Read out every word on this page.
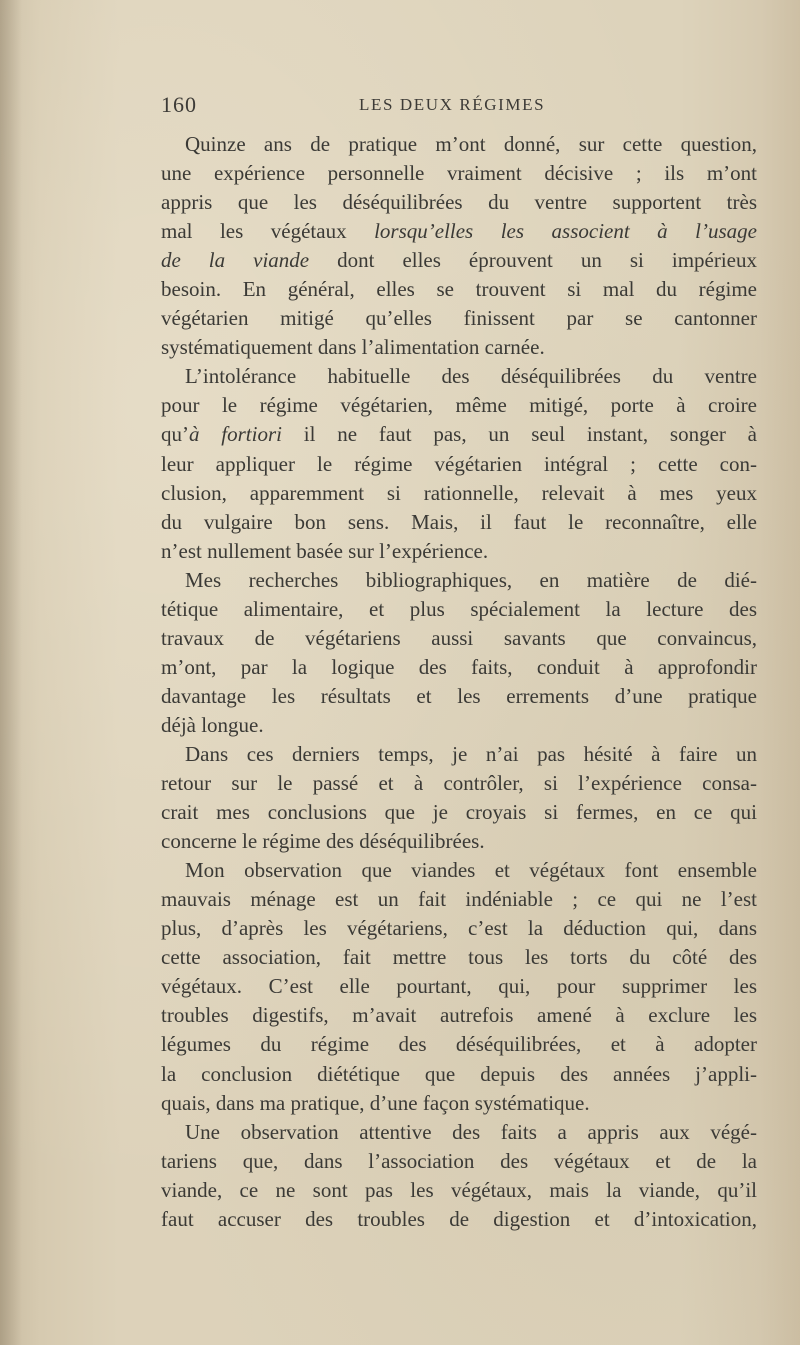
160	LES DEUX RÉGIMES
Quinze ans de pratique m’ont donné, sur cette question,
une expérience personnelle vraiment décisive ; ils m’ont
appris que les déséquilibrées du ventre supportent très
mal les végétaux lorsqu’elles les associent à l’usage
de la viande dont elles éprouvent un si impérieux
besoin. En général, elles se trouvent si mal du régime
végétarien mitigé qu’elles finissent par se cantonner
systématiquement dans l’alimentation carnée.
L’intolérance habituelle des déséquilibrées du ventre
pour le régime végétarien, même mitigé, porte à croire
qu’à fortiori il ne faut pas, un seul instant, songer à
leur appliquer le régime végétarien intégral ; cette con-
clusion, apparemment si rationnelle, relevait à mes yeux
du vulgaire bon sens. Mais, il faut le reconnaître, elle
n’est nullement basée sur l’expérience.
Mes recherches bibliographiques, en matière de dié-
tétique alimentaire, et plus spécialement la lecture des
travaux de végétariens aussi savants que convaincus,
m’ont, par la logique des faits, conduit à approfondir
davantage les résultats et les errements d’une pratique
déjà longue.
Dans ces derniers temps, je n’ai pas hésité à faire un
retour sur le passé et à contrôler, si l’expérience consa-
crait mes conclusions que je croyais si fermes, en ce qui
concerne le régime des déséquilibrées.
Mon observation que viandes et végétaux font ensemble
mauvais ménage est un fait indéniable ; ce qui ne l’est
plus, d’après les végétariens, c’est la déduction qui, dans
cette association, fait mettre tous les torts du côté des
végétaux. C’est elle pourtant, qui, pour supprimer les
troubles digestifs, m’avait autrefois amené à exclure les
légumes du régime des déséquilibrées, et à adopter
la conclusion diététique que depuis des années j’appli-
quais, dans ma pratique, d’une façon systématique.
Une observation attentive des faits a appris aux végé-
tariens que, dans l’association des végétaux et de la
viande, ce ne sont pas les végétaux, mais la viande, qu’il
faut accuser des troubles de digestion et d’intoxication,
